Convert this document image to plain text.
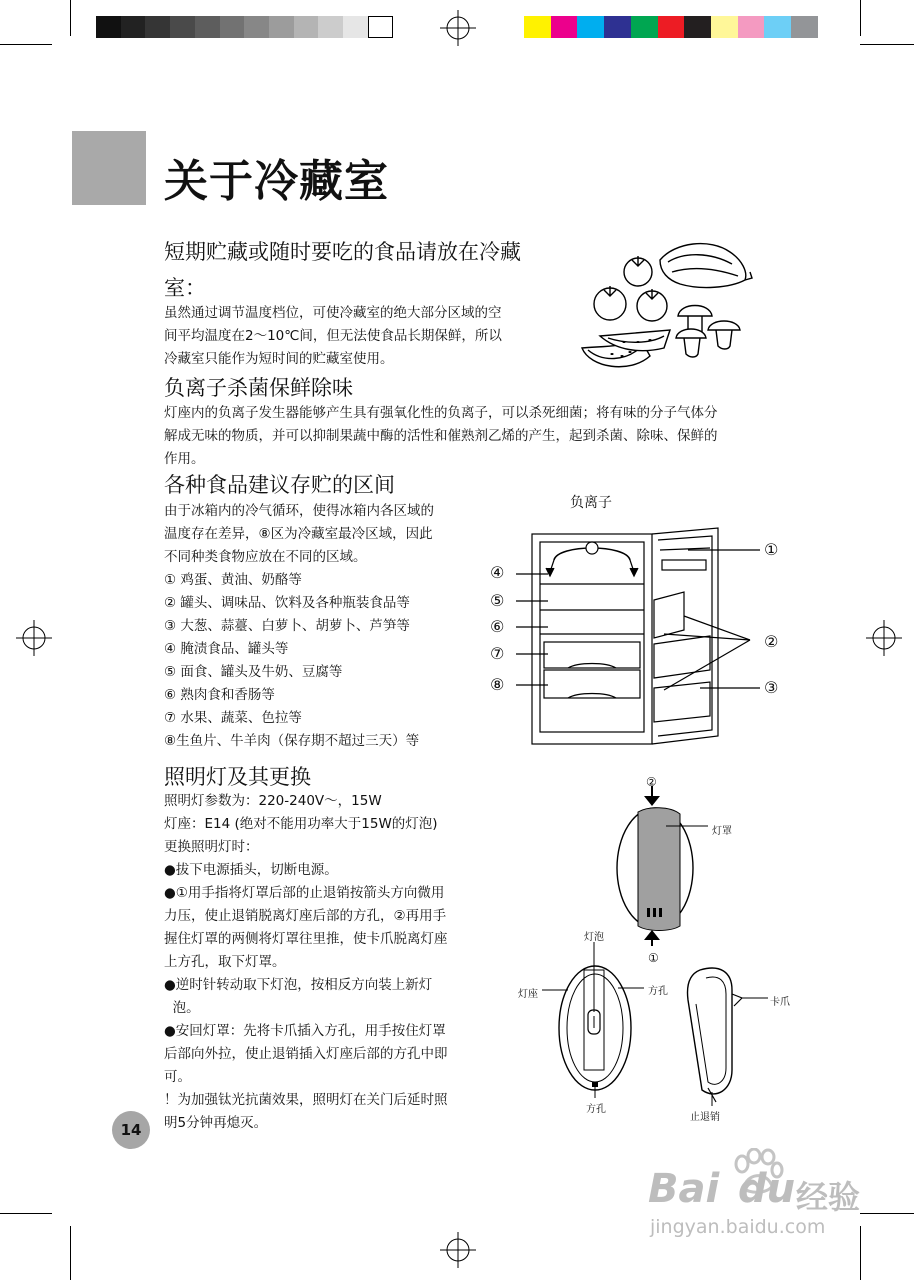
关于冷藏室
短期贮藏或随时要吃的食品请放在冷藏
室：
虽然通过调节温度档位，可使冷藏室的绝大部分区域的空
间平均温度在2～10℃间，但无法使食品长期保鲜，所以
冷藏室只能作为短时间的贮藏室使用。
负离子杀菌保鲜除味
灯座内的负离子发生器能够产生具有强氧化性的负离子，可以杀死细菌；将有味的分子气体分
解成无味的物质，并可以抑制果蔬中酶的活性和催熟剂乙烯的产生，起到杀菌、除味、保鲜的
作用。
各种食品建议存贮的区间
由于冰箱内的冷气循环，使得冰箱内各区域的
温度存在差异，⑧区为冷藏室最冷区域，因此
不同种类食物应放在不同的区域。
① 鸡蛋、黄油、奶酪等
② 罐头、调味品、饮料及各种瓶装食品等
③ 大葱、蒜薹、白萝卜、胡萝卜、芦笋等
④ 腌渍食品、罐头等
⑤ 面食、罐头及牛奶、豆腐等
⑥ 熟肉食和香肠等
⑦ 水果、蔬菜、色拉等
⑧生鱼片、牛羊肉（保存期不超过三天）等
负离子
④
⑤
⑥
⑦
⑧
①
②
③
照明灯及其更换
照明灯参数为：220-240V～，15W
灯座：E14 (绝对不能用功率大于15W的灯泡)
更换照明灯时：
●拔下电源插头，切断电源。
●①用手指将灯罩后部的止退销按箭头方向微用
力压，使止退销脱离灯座后部的方孔，②再用手
握住灯罩的两侧将灯罩往里推，使卡爪脱离灯座
上方孔，取下灯罩。
●逆时针转动取下灯泡，按相反方向装上新灯
泡。
●安回灯罩：先将卡爪插入方孔，用手按住灯罩
后部向外拉，使止退销插入灯座后部的方孔中即
可。
！为加强钛光抗菌效果，照明灯在关门后延时照
明5分钟再熄灭。
②
①
灯罩
灯泡
灯座	方孔
方孔
卡爪
止退销
14
Bai du 经验
jingyan.baidu.com
